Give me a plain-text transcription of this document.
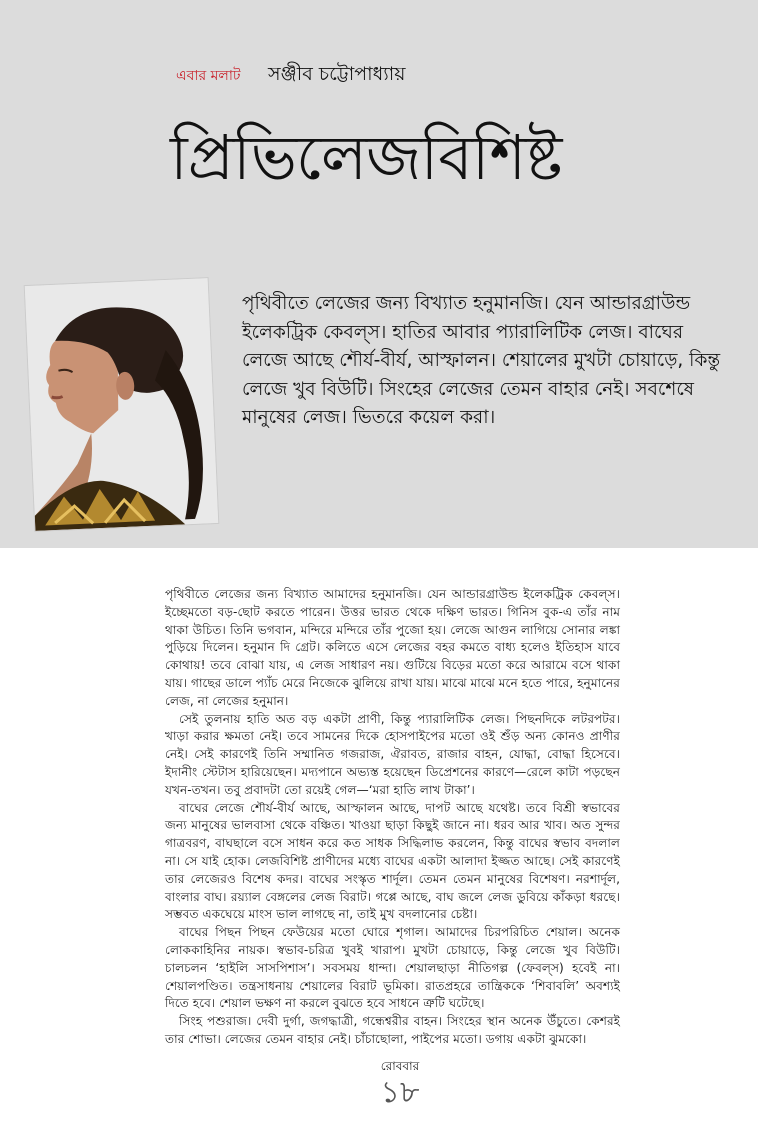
এবার মলাট সঞ্জীব চট্টোপাধ্যায়
প্রিভিলেজবিশিষ্ট

পৃথিবীতে লেজের জন্য বিখ্যাত হনুমানজি। যেন আন্ডারগ্রাউন্ড ইলেকট্রিক কেবল্‌স। হাতির আবার প্যারালিটিক লেজ। বাঘের লেজে আছে শৌর্য-বীর্য, আস্ফালন। শেয়ালের মুখটা চোয়াড়ে, কিন্তু লেজে খুব বিউটি। সিংহের লেজের তেমন বাহার নেই। সবশেষে মানুষের লেজ। ভিতরে কয়েল করা।

পৃথিবীতে লেজের জন্য বিখ্যাত আমাদের হনুমানজি। যেন আন্ডারগ্রাউন্ড ইলেকট্রিক কেবল্‌স। ইচ্ছেমতো বড়-ছোট করতে পারেন। উত্তর ভারত থেকে দক্ষিণ ভারত। গিনিস বুক-এ তাঁর নাম থাকা উচিত। তিনি ভগবান, মন্দিরে মন্দিরে তাঁর পুজো হয়। লেজে আগুন লাগিয়ে সোনার লঙ্কা পুড়িয়ে দিলেন। হনুমান দি গ্রেট। কলিতে এসে লেজের বহর কমতে বাধ্য হলেও ইতিহাস যাবে কোথায়! তবে বোঝা যায়, এ লেজ সাধারণ নয়। গুটিয়ে বিড়ের মতো করে আরামে বসে থাকা যায়। গাছের ডালে প্যাঁচ মেরে নিজেকে ঝুলিয়ে রাখা যায়। মাঝে মাঝে মনে হতে পারে, হনুমানের লেজ, না লেজের হনুমান।

সেই তুলনায় হাতি অত বড় একটা প্রাণী, কিন্তু প্যারালিটিক লেজ। পিছনদিকে লটরপটর। খাড়া করার ক্ষমতা নেই। তবে সামনের দিকে হোসপাইপের মতো ওই শুঁড় অন্য কোনও প্রাণীর নেই। সেই কারণেই তিনি সম্মানিত গজরাজ, ঐরাবত, রাজার বাহন, যোদ্ধা, বোদ্ধা হিসেবে। ইদানীং স্টেটাস হারিয়েছেন। মদ্যপানে অভ্যস্ত হয়েছেন ডিপ্রেশনের কারণে—রেলে কাটা পড়ছেন যখন-তখন। তবু প্রবাদটা তো রয়েই গেল—‘মরা হাতি লাখ টাকা’।

বাঘের লেজে শৌর্য-বীর্য আছে, আস্ফালন আছে, দাপট আছে যথেষ্ট। তবে বিশ্রী স্বভাবের জন্য মানুষের ভালবাসা থেকে বঞ্চিত। খাওয়া ছাড়া কিছুই জানে না। ধরব আর খাব। অত সুন্দর গাত্রবরণ, বাঘছালে বসে সাধন করে কত সাধক সিদ্ধিলাভ করলেন, কিন্তু বাঘের স্বভাব বদলাল না। সে যাই হোক। লেজবিশিষ্ট প্রাণীদের মধ্যে বাঘের একটা আলাদা ইজ্জত আছে। সেই কারণেই তার লেজেরও বিশেষ কদর। বাঘের সংস্কৃত শার্দূল। তেমন তেমন মানুষের বিশেষণ। নরশার্দূল, বাংলার বাঘ। রয়্যাল বেঙ্গলের লেজ বিরাট। গপ্পে আছে, বাঘ জলে লেজ ডুবিয়ে কাঁকড়া ধরছে। সম্ভবত একঘেয়ে মাংস ভাল লাগছে না, তাই মুখ বদলানোর চেষ্টা।

বাঘের পিছন পিছন ফেউয়ের মতো ঘোরে শৃগাল। আমাদের চিরপরিচিত শেয়াল। অনেক লোককাহিনির নায়ক। স্বভাব-চরিত্র খুবই খারাপ। মুখটা চোয়াড়ে, কিন্তু লেজে খুব বিউটি। চালচলন ‘হাইলি সাসপিশাস’। সবসময় ধান্দা। শেয়ালছাড়া নীতিগল্প (ফেবল্‌স) হবেই না। শেয়ালপণ্ডিত। তন্ত্রসাধনায় শেয়ালের বিরাট ভূমিকা। রাতপ্রহরে তান্ত্রিককে ‘শিবাবলি’ অবশ্যই দিতে হবে। শেয়াল ভক্ষণ না করলে বুঝতে হবে সাধনে ত্রুটি ঘটেছে।

সিংহ পশুরাজ। দেবী দুর্গা, জগদ্ধাত্রী, গন্ধেশ্বরীর বাহন। সিংহের স্থান অনেক উঁচুতে। কেশরই তার শোভা। লেজের তেমন বাহার নেই। চাঁচাছোলা, পাইপের মতো। ডগায় একটা ঝুমকো।

রোববার
১৮
